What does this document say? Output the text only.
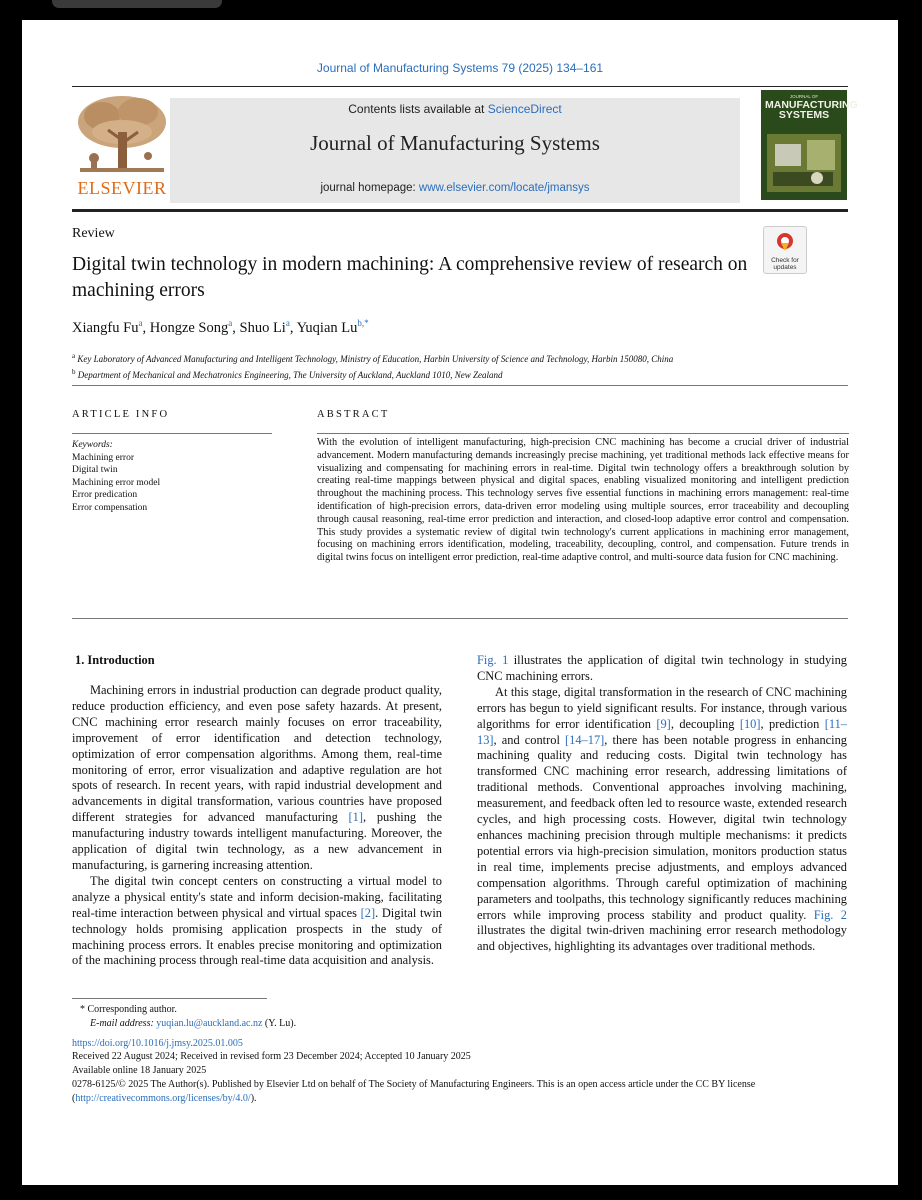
Journal of Manufacturing Systems 79 (2025) 134–161
ELSEVIER
Contents lists available at ScienceDirect
Journal of Manufacturing Systems
journal homepage: www.elsevier.com/locate/jmansys
JOURNAL OF
MANUFACTURING SYSTEMS
Review
Digital twin technology in modern machining: A comprehensive review of research on machining errors
Check for updates
Xiangfu Fu$^a$, Hongze Song$^a$, Shuo Li$^a$, Yuqian $Lu^{b,*}$
$^a$ Key Laboratory of Advanced Manufacturing and Intelligent Technology, Ministry of Education, Harbin University of Science and Technology, Harbin 150080, China
$^b$ Department of Mechanical and Mechatronics Engineering, The University of Auckland, Auckland 1010, New Zealand
ARTICLE INFO	ABSTRACT
Keywords:
Machining error
Digital twin
Machining error model
Error predication
Error compensation
With the evolution of intelligent manufacturing, high-precision CNC machining has become a crucial driver of industrial advancement. Modern manufacturing demands increasingly precise machining, yet traditional methods lack effective means for visualizing and compensating for machining errors in real-time. Digital twin technology offers a breakthrough solution by creating real-time mappings between physical and digital spaces, enabling visualized monitoring and intelligent prediction throughout the machining process. This technology serves five essential functions in machining errors management: real-time identification of high-precision errors, data-driven error modeling using multiple sources, error traceability and decoupling through causal reasoning, real-time error prediction and interaction, and closed-loop adaptive error control and compensation. This study provides a systematic review of digital twin technology's current applications in machining error management, focusing on machining errors identification, modeling, traceability, decoupling, control, and compensation. Future trends in digital twins focus on intelligent error prediction, real-time adaptive control, and multi-source data fusion for CNC machining.
1. Introduction

Machining errors in industrial production can degrade product quality, reduce production efficiency, and even pose safety hazards. At present, CNC machining error research mainly focuses on error traceability, improvement of error identification and detection technology, optimization of error compensation algorithms. Among them, real-time monitoring of error, error visualization and adaptive regulation are hot spots of research. In recent years, with rapid industrial development and advancements in digital transformation, various countries have proposed different strategies for advanced manufacturing [1], pushing the manufacturing industry towards intelligent manufacturing. Moreover, the application of digital twin technology, as a new advancement in manufacturing, is garnering increasing attention.

The digital twin concept centers on constructing a virtual model to analyze a physical entity's state and inform decision-making, facilitating real-time interaction between physical and virtual spaces [2]. Digital twin technology holds promising application prospects in the study of machining process errors. It enables precise monitoring and optimization of the machining process through real-time data acquisition and analysis.

Fig. 1 illustrates the application of digital twin technology in studying CNC machining errors.

At this stage, digital transformation in the research of CNC machining errors has begun to yield significant results. For instance, through various algorithms for error identification [9], decoupling [10], prediction [11–13], and control [14–17], there has been notable progress in enhancing machining quality and reducing costs. Digital twin technology has transformed CNC machining error research, addressing limitations of traditional methods. Conventional approaches involving machining, measurement, and feedback often led to resource waste, extended research cycles, and high processing costs. However, digital twin technology enhances machining precision through multiple mechanisms: it predicts potential errors via high-precision simulation, monitors production status in real time, implements precise adjustments, and employs advanced compensation algorithms. Through careful optimization of machining parameters and toolpaths, this technology significantly reduces machining errors while improving process stability and product quality. Fig. 2 illustrates the digital twin-driven machining error research methodology and objectives, highlighting its advantages over traditional methods.

* Corresponding author.
E-mail address: yuqian.lu@auckland.ac.nz (Y. Lu).
https://doi.org/10.1016/j.jmsy.2025.01.005
Received 22 August 2024; Received in revised form 23 December 2024; Accepted 10 January 2025
Available online 18 January 2025
0278-6125/© 2025 The Author(s). Published by Elsevier Ltd on behalf of The Society of Manufacturing Engineers. This is an open access article under the CC BY license (http://creativecommons.org/licenses/by/4.0/).
